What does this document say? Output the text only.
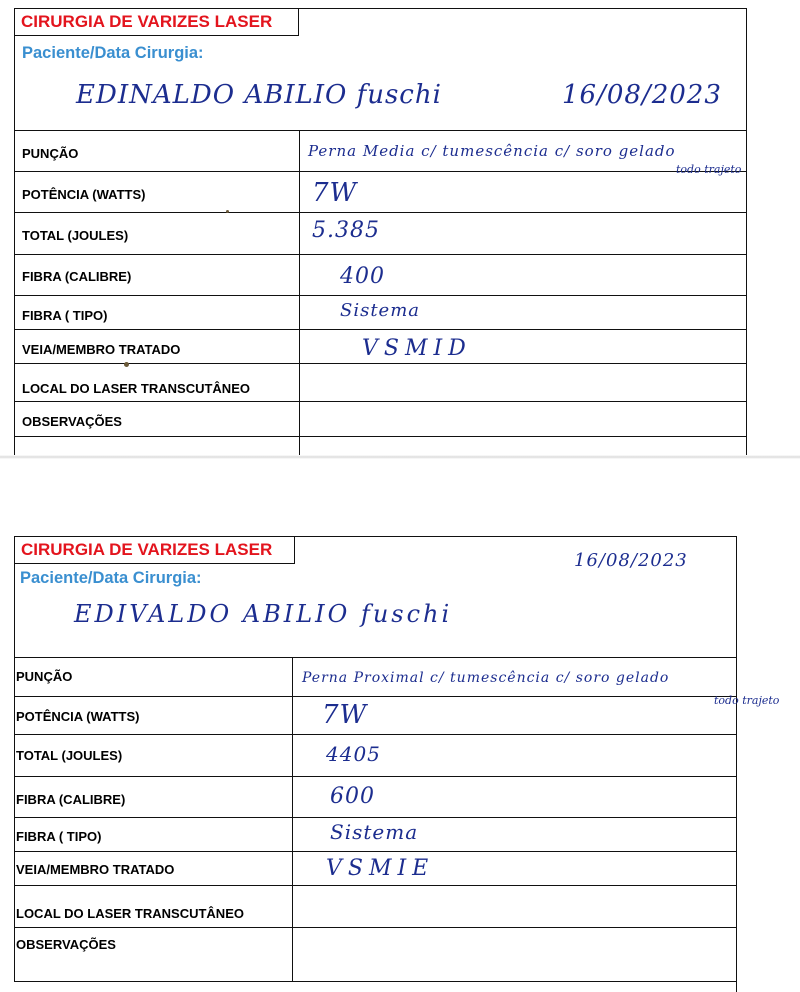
CIRURGIA DE VARIZES LASER
Paciente/Data Cirurgia:
EDINALDO ABILIO fuschi	16/08/2023
PUNÇÃO
POTÊNCIA (WATTS)
TOTAL (JOULES)
FIBRA (CALIBRE)
FIBRA ( TIPO)
VEIA/MEMBRO TRATADO
LOCAL DO LASER TRANSCUTÂNEO
OBSERVAÇÕES
Perna Media c/ tumescência c/ soro gelado
todo trajeto
7W
5.385
400
Sistema
VSMID
CIRURGIA DE VARIZES LASER
Paciente/Data Cirurgia:
16/08/2023
EDIVALDO ABILIO fuschi
PUNÇÃO
POTÊNCIA (WATTS)
TOTAL (JOULES)
FIBRA (CALIBRE)
FIBRA ( TIPO)
VEIA/MEMBRO TRATADO
LOCAL DO LASER TRANSCUTÂNEO
OBSERVAÇÕES
Perna Proximal c/ tumescência c/ soro gelado
todo trajeto
7W
4405
600
Sistema
VSMIE
